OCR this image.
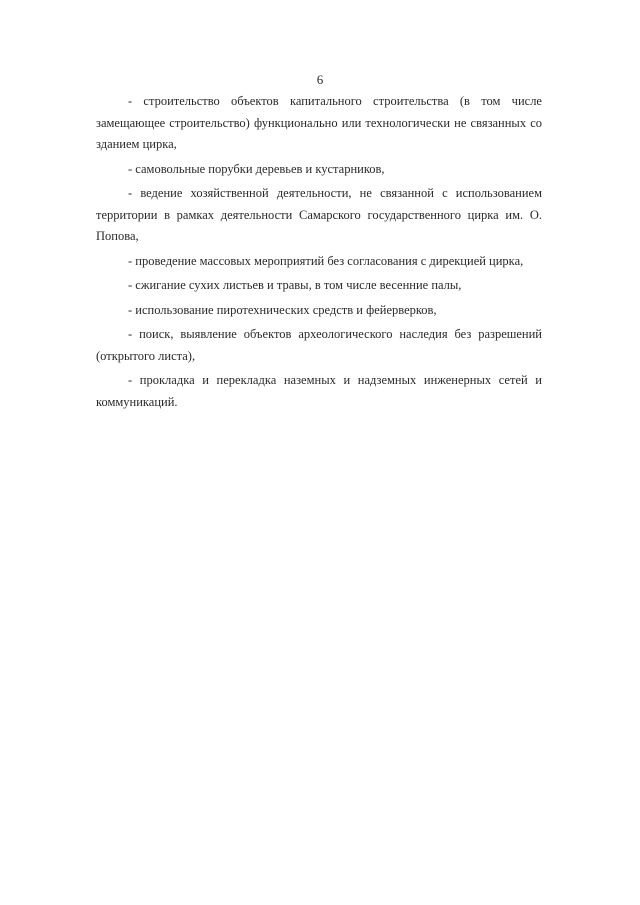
6

- строительство объектов капитального строительства (в том числе замещающее строительство) функционально или технологически не связанных со зданием цирка,

- самовольные порубки деревьев и кустарников,

- ведение хозяйственной деятельности, не связанной с использованием территории в рамках деятельности Самарского государственного цирка им. О. Попова,

- проведение массовых мероприятий без согласования с дирекцией цирка,

- сжигание сухих листьев и травы, в том числе весенние палы,

- использование пиротехнических средств и фейерверков,

- поиск, выявление объектов археологического наследия без разрешений (открытого листа),

- прокладка и перекладка наземных и надземных инженерных сетей и коммуникаций.
